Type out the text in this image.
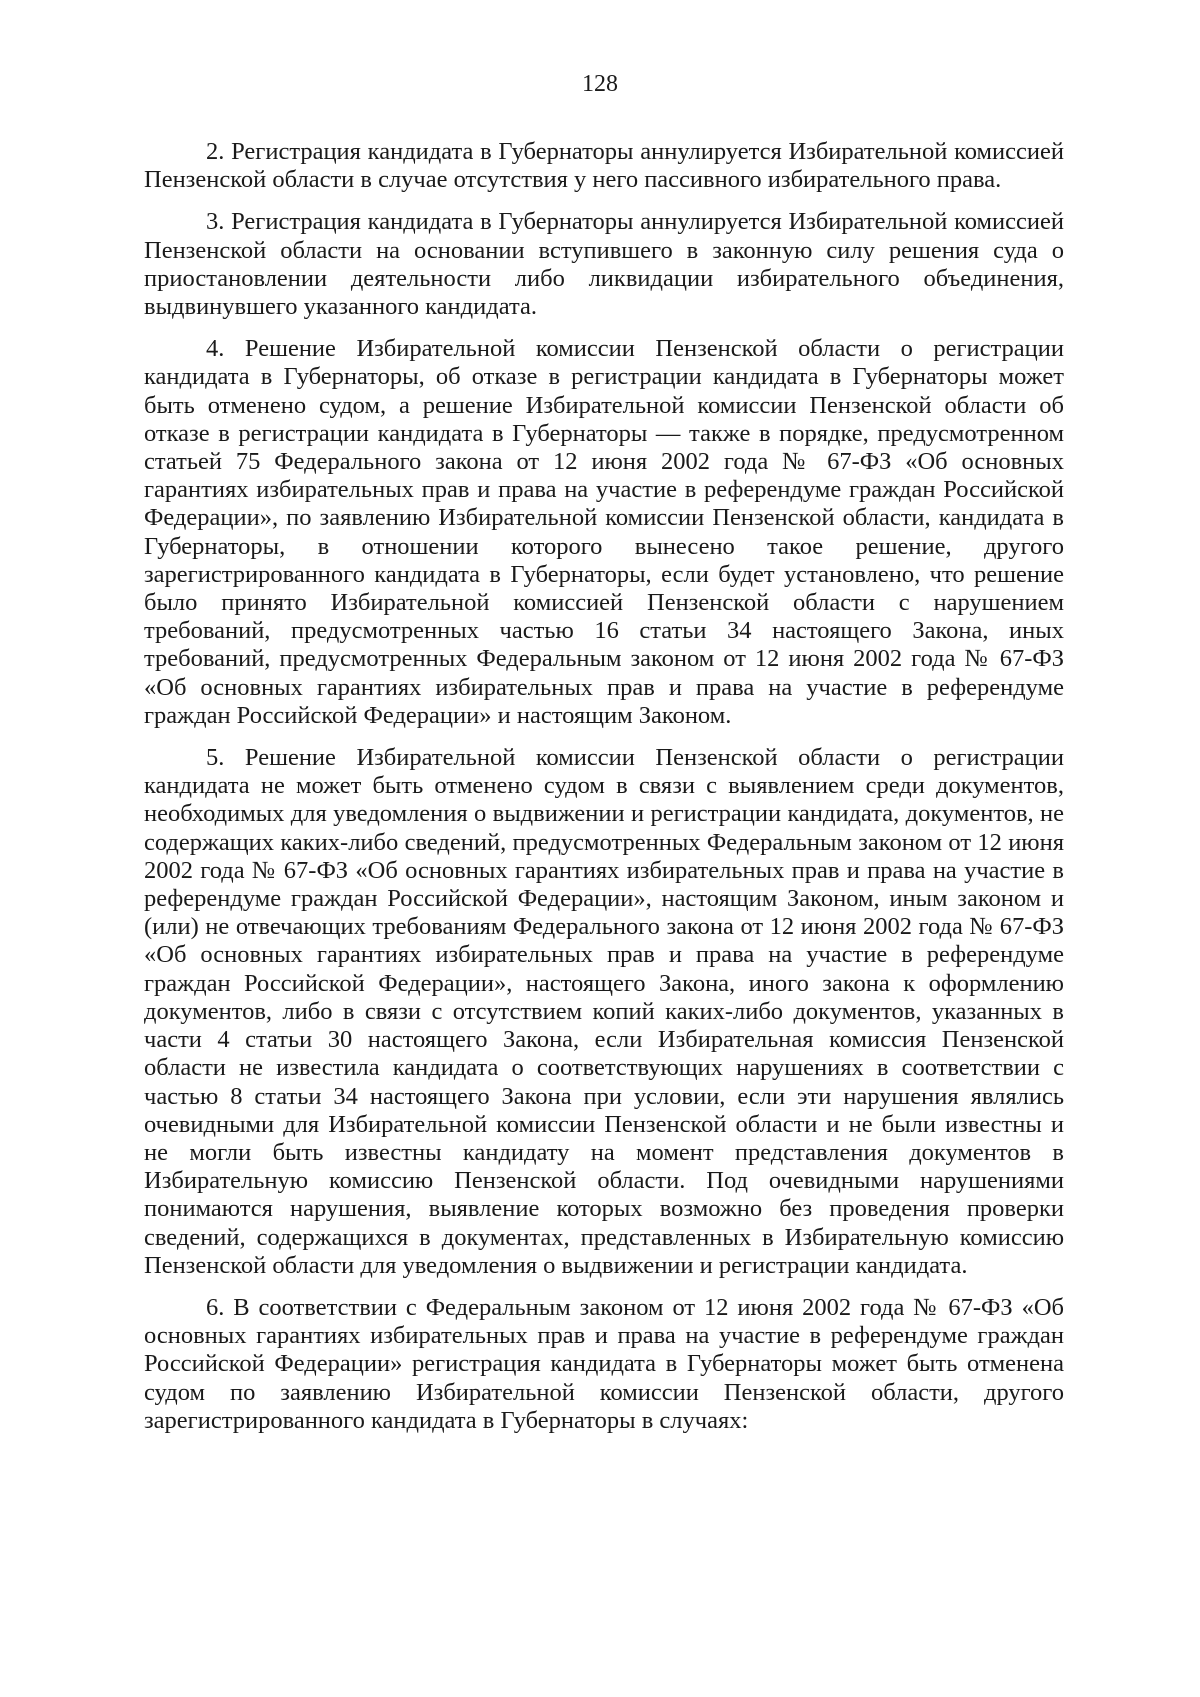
128

2. Регистрация кандидата в Губернаторы аннулируется Избирательной комиссией Пензенской области в случае отсутствия у него пассивного избирательного права.

3. Регистрация кандидата в Губернаторы аннулируется Избирательной комиссией Пензенской области на основании вступившего в законную силу решения суда о приостановлении деятельности либо ликвидации избирательного объединения, выдвинувшего указанного кандидата.

4. Решение Избирательной комиссии Пензенской области о регистрации кандидата в Губернаторы, об отказе в регистрации кандидата в Губернаторы может быть отменено судом, а решение Избирательной комиссии Пензенской области об отказе в регистрации кандидата в Губернаторы — также в порядке, предусмотренном статьей 75 Федерального закона от 12 июня 2002 года № 67-ФЗ «Об основных гарантиях избирательных прав и права на участие в референдуме граждан Российской Федерации», по заявлению Избирательной комиссии Пензенской области, кандидата в Губернаторы, в отношении которого вынесено такое решение, другого зарегистрированного кандидата в Губернаторы, если будет установлено, что решение было принято Избирательной комиссией Пензенской области с нарушением требований, предусмотренных частью 16 статьи 34 настоящего Закона, иных требований, предусмотренных Федеральным законом от 12 июня 2002 года № 67-ФЗ «Об основных гарантиях избирательных прав и права на участие в референдуме граждан Российской Федерации» и настоящим Законом.

5. Решение Избирательной комиссии Пензенской области о регистрации кандидата не может быть отменено судом в связи с выявлением среди документов, необходимых для уведомления о выдвижении и регистрации кандидата, документов, не содержащих каких-либо сведений, предусмотренных Федеральным законом от 12 июня 2002 года № 67-ФЗ «Об основных гарантиях избирательных прав и права на участие в референдуме граждан Российской Федерации», настоящим Законом, иным законом и (или) не отвечающих требованиям Федерального закона от 12 июня 2002 года № 67-ФЗ «Об основных гарантиях избирательных прав и права на участие в референдуме граждан Российской Федерации», настоящего Закона, иного закона к оформлению документов, либо в связи с отсутствием копий каких-либо документов, указанных в части 4 статьи 30 настоящего Закона, если Избирательная комиссия Пензенской области не известила кандидата о соответствующих нарушениях в соответствии с частью 8 статьи 34 настоящего Закона при условии, если эти нарушения являлись очевидными для Избирательной комиссии Пензенской области и не были известны и не могли быть известны кандидату на момент представления документов в Избирательную комиссию Пензенской области. Под очевидными нарушениями понимаются нарушения, выявление которых возможно без проведения проверки сведений, содержащихся в документах, представленных в Избирательную комиссию Пензенской области для уведомления о выдвижении и регистрации кандидата.

6. В соответствии с Федеральным законом от 12 июня 2002 года № 67-ФЗ «Об основных гарантиях избирательных прав и права на участие в референдуме граждан Российской Федерации» регистрация кандидата в Губернаторы может быть отменена судом по заявлению Избирательной комиссии Пензенской области, другого зарегистрированного кандидата в Губернаторы в случаях:
